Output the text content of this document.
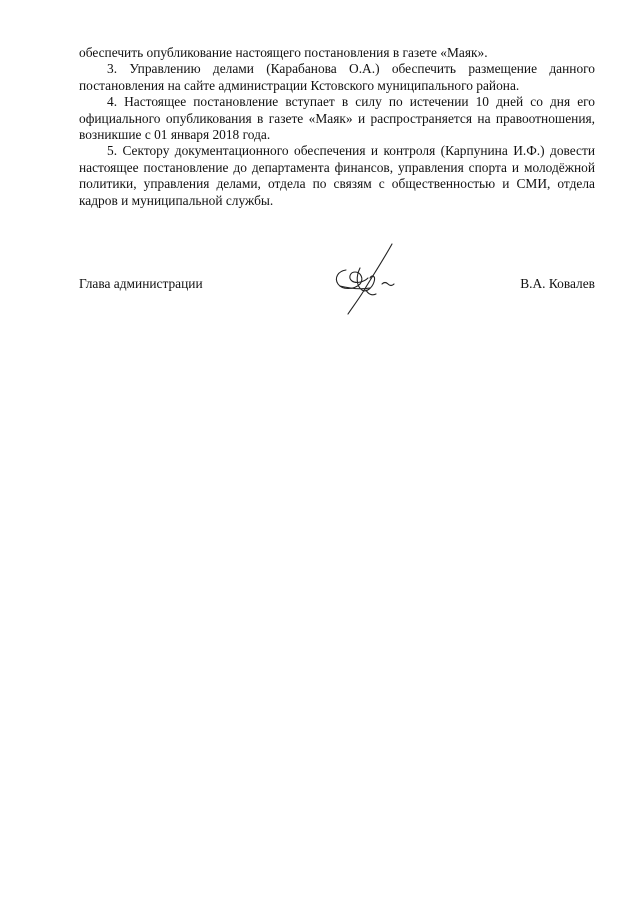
обеспечить опубликование настоящего постановления в газете «Маяк».

3. Управлению делами (Карабанова О.А.) обеспечить размещение данного постановления на сайте администрации Кстовского муниципального района.

4. Настоящее постановление вступает в силу по истечении 10 дней со дня его официального опубликования в газете «Маяк» и распространяется на правоотношения, возникшие с 01 января 2018 года.

5. Сектору документационного обеспечения и контроля (Карпунина И.Ф.) довести настоящее постановление до департамента финансов, управления спорта и молодёжной политики, управления делами, отдела по связям с общественностью и СМИ, отдела кадров и муниципальной службы.

Глава администрации	В.А. Ковалев
